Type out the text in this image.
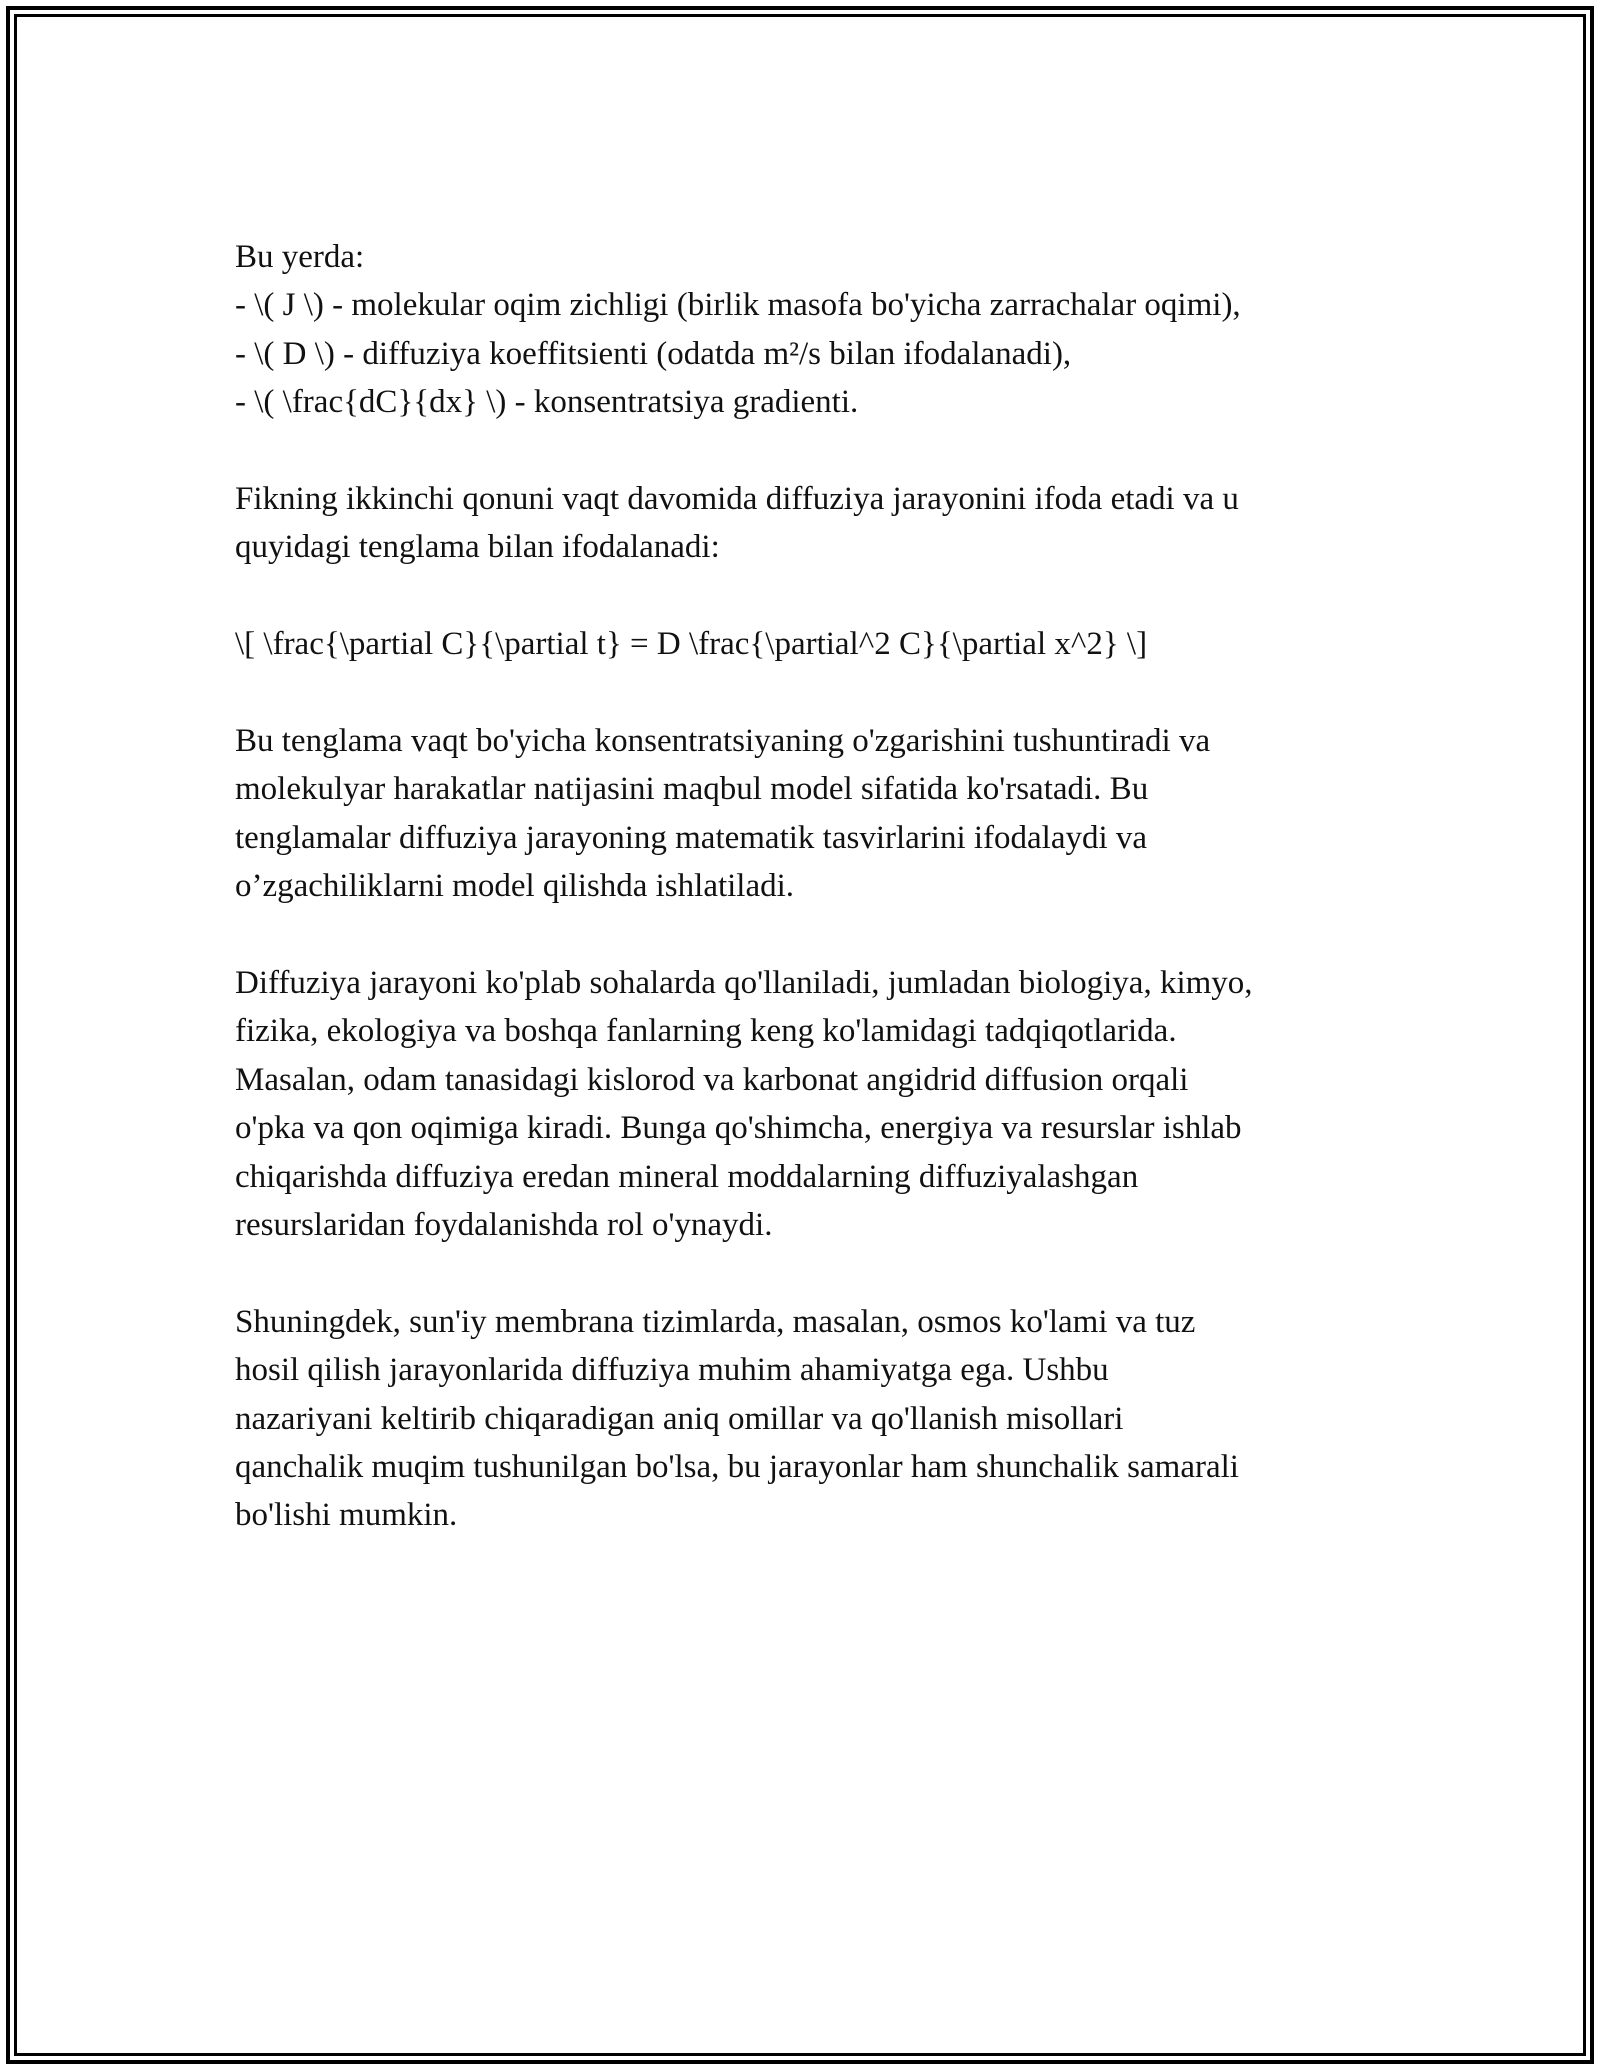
Bu yerda:
- \( J \) - molekular oqim zichligi (birlik masofa bo'yicha zarrachalar oqimi),
- \( D \) - diffuziya koeffitsienti (odatda m²/s bilan ifodalanadi),
- \( \frac{dC}{dx} \) - konsentratsiya gradienti.

Fikning ikkinchi qonuni vaqt davomida diffuziya jarayonini ifoda etadi va u
quyidagi tenglama bilan ifodalanadi:

\[ \frac{\partial C}{\partial t} = D \frac{\partial^2 C}{\partial x^2} \]

Bu tenglama vaqt bo'yicha konsentratsiyaning o'zgarishini tushuntiradi va
molekulyar harakatlar natijasini maqbul model sifatida ko'rsatadi. Bu
tenglamalar diffuziya jarayoning matematik tasvirlarini ifodalaydi va
o’zgachiliklarni model qilishda ishlatiladi.

Diffuziya jarayoni ko'plab sohalarda qo'llaniladi, jumladan biologiya, kimyo,
fizika, ekologiya va boshqa fanlarning keng ko'lamidagi tadqiqotlarida.
Masalan, odam tanasidagi kislorod va karbonat angidrid diffusion orqali
o'pka va qon oqimiga kiradi. Bunga qo'shimcha, energiya va resurslar ishlab
chiqarishda diffuziya eredan mineral moddalarning diffuziyalashgan
resurslaridan foydalanishda rol o'ynaydi.

Shuningdek, sun'iy membrana tizimlarda, masalan, osmos ko'lami va tuz
hosil qilish jarayonlarida diffuziya muhim ahamiyatga ega. Ushbu
nazariyani keltirib chiqaradigan aniq omillar va qo'llanish misollari
qanchalik muqim tushunilgan bo'lsa, bu jarayonlar ham shunchalik samarali
bo'lishi mumkin.
